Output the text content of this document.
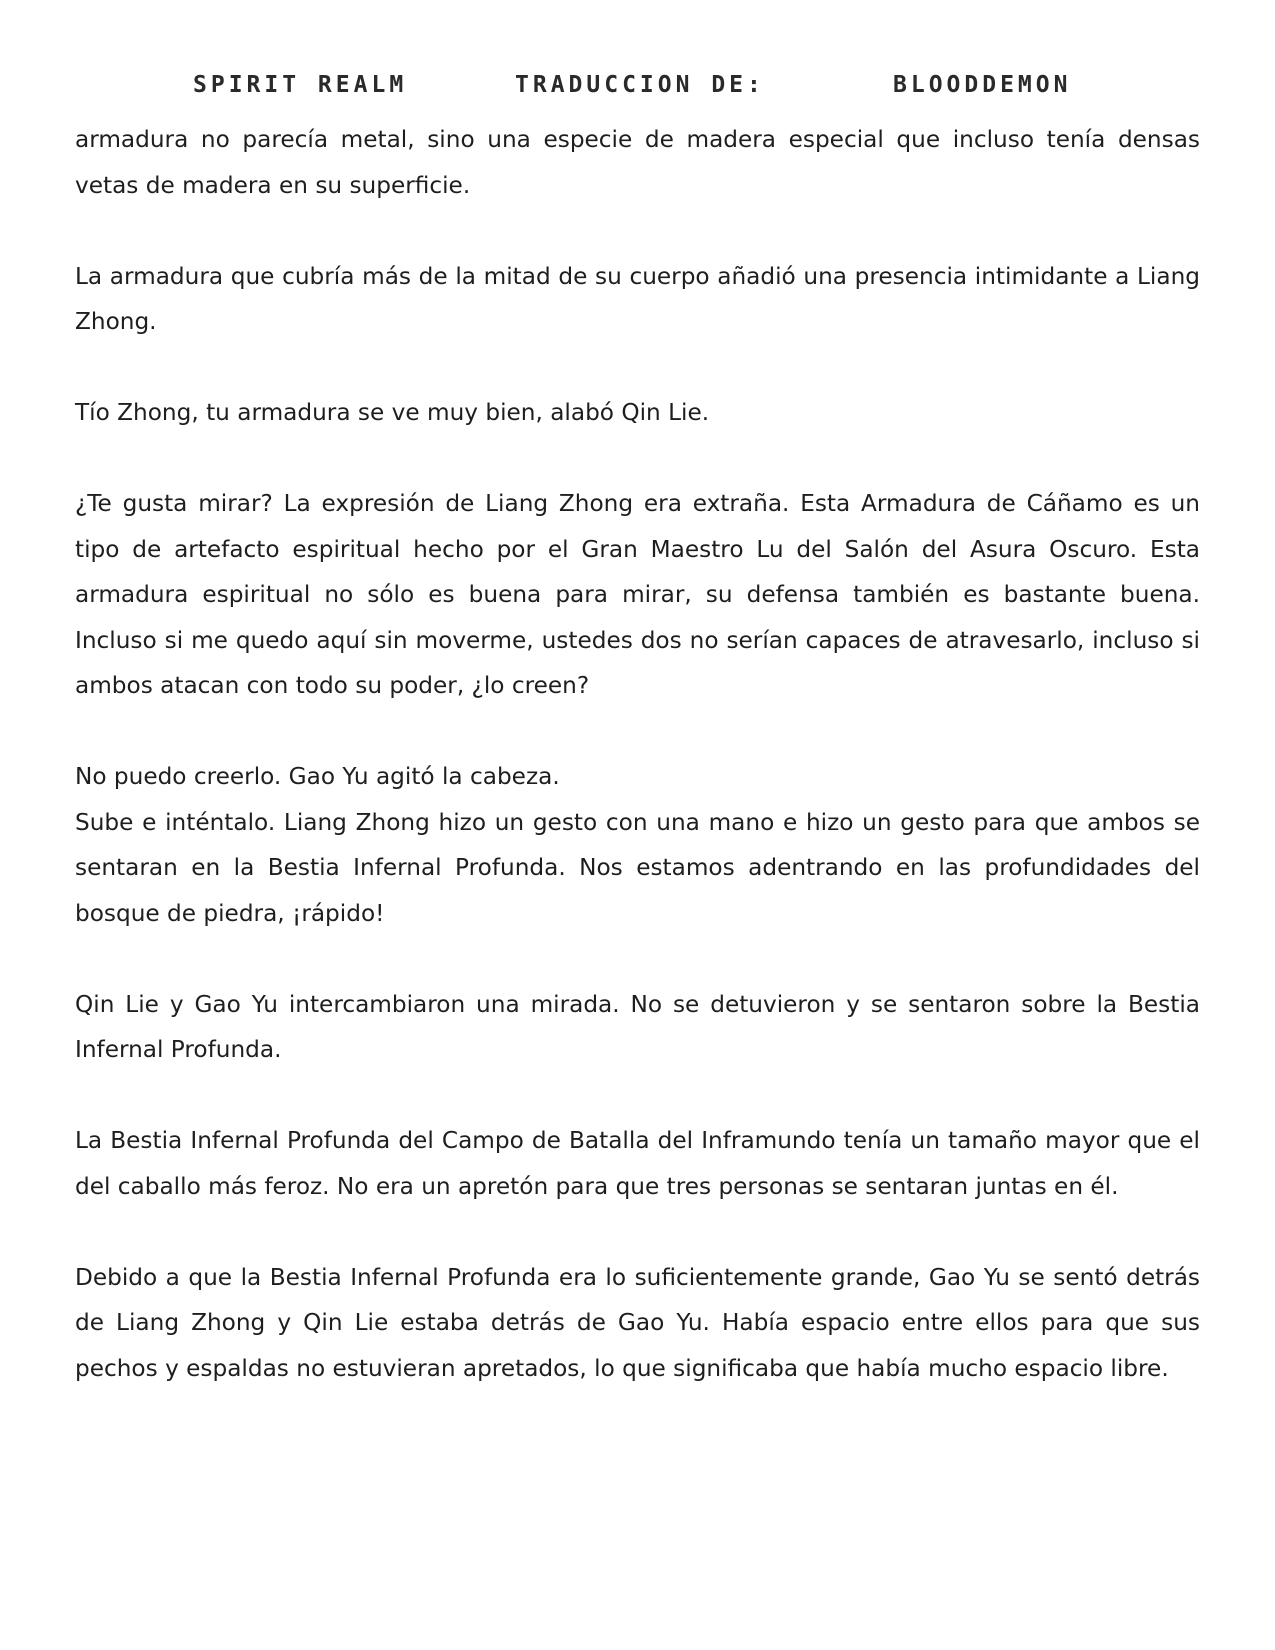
SPIRIT REALM	TRADUCCION DE:	BLOODDEMON

armadura no parecía metal, sino una especie de madera especial que incluso tenía densas vetas de madera en su superficie.

La armadura que cubría más de la mitad de su cuerpo añadió una presencia intimidante a Liang Zhong.

Tío Zhong, tu armadura se ve muy bien, alabó Qin Lie.

¿Te gusta mirar? La expresión de Liang Zhong era extraña. Esta Armadura de Cáñamo es un tipo de artefacto espiritual hecho por el Gran Maestro Lu del Salón del Asura Oscuro. Esta armadura espiritual no sólo es buena para mirar, su defensa también es bastante buena. Incluso si me quedo aquí sin moverme, ustedes dos no serían capaces de atravesarlo, incluso si ambos atacan con todo su poder, ¿lo creen?

No puedo creerlo. Gao Yu agitó la cabeza.

Sube e inténtalo. Liang Zhong hizo un gesto con una mano e hizo un gesto para que ambos se sentaran en la Bestia Infernal Profunda. Nos estamos adentrando en las profundidades del bosque de piedra, ¡rápido!

Qin Lie y Gao Yu intercambiaron una mirada. No se detuvieron y se sentaron sobre la Bestia Infernal Profunda.

La Bestia Infernal Profunda del Campo de Batalla del Inframundo tenía un tamaño mayor que el del caballo más feroz. No era un apretón para que tres personas se sentaran juntas en él.

Debido a que la Bestia Infernal Profunda era lo suficientemente grande, Gao Yu se sentó detrás de Liang Zhong y Qin Lie estaba detrás de Gao Yu. Había espacio entre ellos para que sus pechos y espaldas no estuvieran apretados, lo que significaba que había mucho espacio libre.
